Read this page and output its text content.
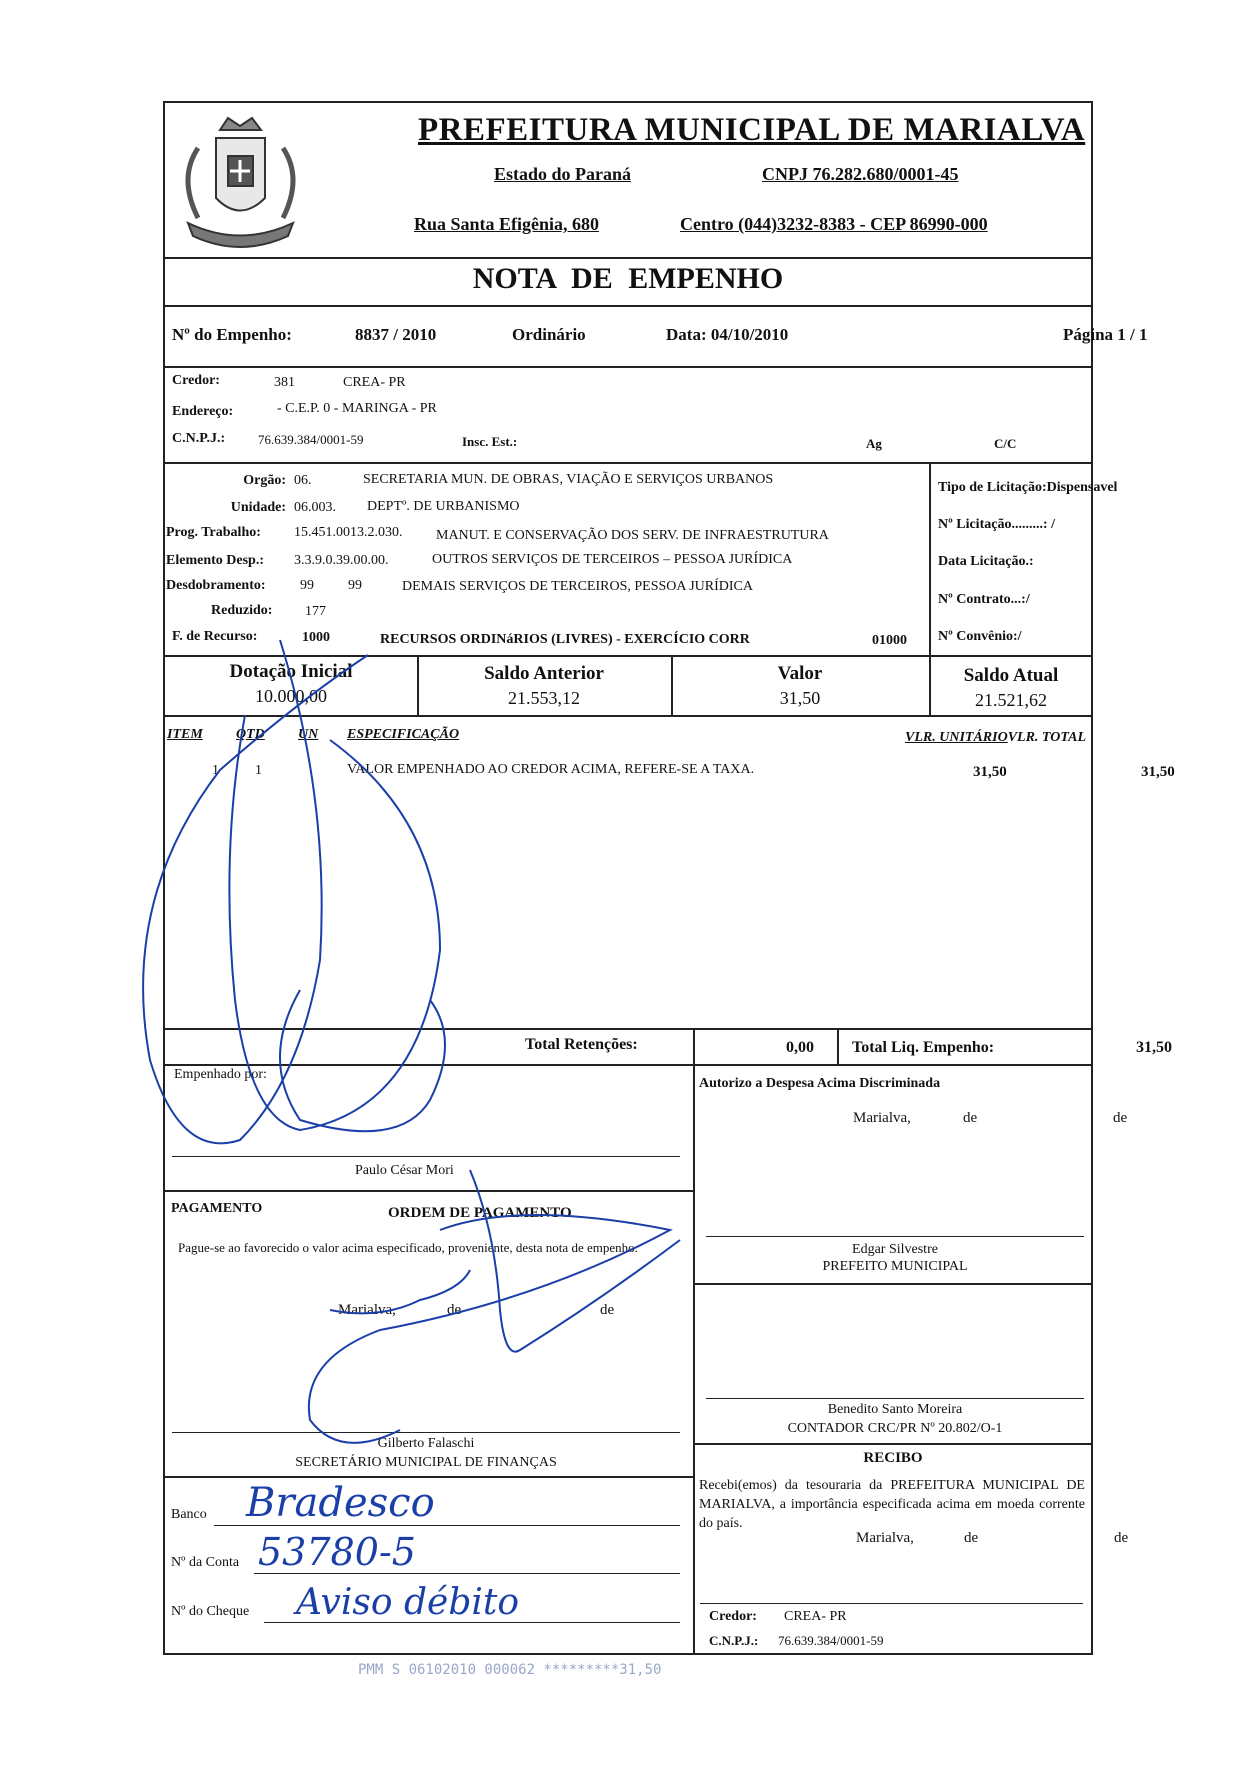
PREFEITURA MUNICIPAL DE MARIALVA
Estado do Paraná	CNPJ 76.282.680/0001-45
Rua Santa Efigênia, 680	Centro (044)3232-8383 - CEP 86990-000
NOTA DE EMPENHO
Nº do Empenho:	8837 / 2010	Ordinário	Data: 04/10/2010	Página 1 / 1
Credor:	381	CREA- PR
Endereço:	- C.E.P. 0 - MARINGA - PR
C.N.P.J.:	76.639.384/0001-59	Insc. Est.:	Ag	C/C
Orgão: 06.	SECRETARIA MUN. DE OBRAS, VIAÇÃO E SERVIÇOS URBANOS
Unidade: 06.003. DEPTº. DE URBANISMO
Prog. Trabalho: 15.451.0013.2.030. MANUT. E CONSERVAÇÃO DOS SERV. DE INFRAESTRUTURA
Elemento Desp.: 3.3.9.0.39.00.00.	OUTROS SERVIÇOS DE TERCEIROS – PESSOA JURÍDICA
Desdobramento: 99 99	DEMAIS SERVIÇOS DE TERCEIROS, PESSOA JURÍDICA
Reduzido: 177
F. de Recurso:	1000	RECURSOS ORDINáRIOS (LIVRES) - EXERCÍCIO CORR	01000
Tipo de Licitação:Dispensavel
Nº Licitação.........: /
Data Licitação.:
Nº Contrato...:/
Nº Convênio:/
Dotação Inicial
10.000,00
Saldo Anterior
21.553,12
Valor
31,50
Saldo Atual
21.521,62
ITEM QTD UN ESPECIFICAÇÃO	VLR. UNITÁRIO VLR. TOTAL
1	1	VALOR EMPENHADO AO CREDOR ACIMA, REFERE-SE A TAXA.	31,50	31,50
Total Retenções:	0,00 Total Liq. Empenho:	31,50
Empenhado por:
Paulo César Mori
Autorizo a Despesa Acima Discriminada
Marialva,	de	de
Edgar Silvestre
PREFEITO MUNICIPAL
PAGAMENTO	ORDEM DE PAGAMENTO
Pague-se ao favorecido o valor acima especificado, proveniente, desta nota de empenho.
Marialva,	de	de
Gilberto Falaschi
SECRETÁRIO MUNICIPAL DE FINANÇAS
Benedito Santo Moreira
CONTADOR CRC/PR Nº 20.802/O-1
RECIBO
Recebi(emos) da tesouraria da PREFEITURA MUNICIPAL DE MARIALVA, a importância especificada acima em moeda corrente do país.
Marialva,	de	de
Credor: CREA- PR
C.N.P.J.: 76.639.384/0001-59
Banco Bradesco
Nº da Conta 53780-5
Nº do Cheque Aviso débito
PMM S 06102010 000062 *********31,50
